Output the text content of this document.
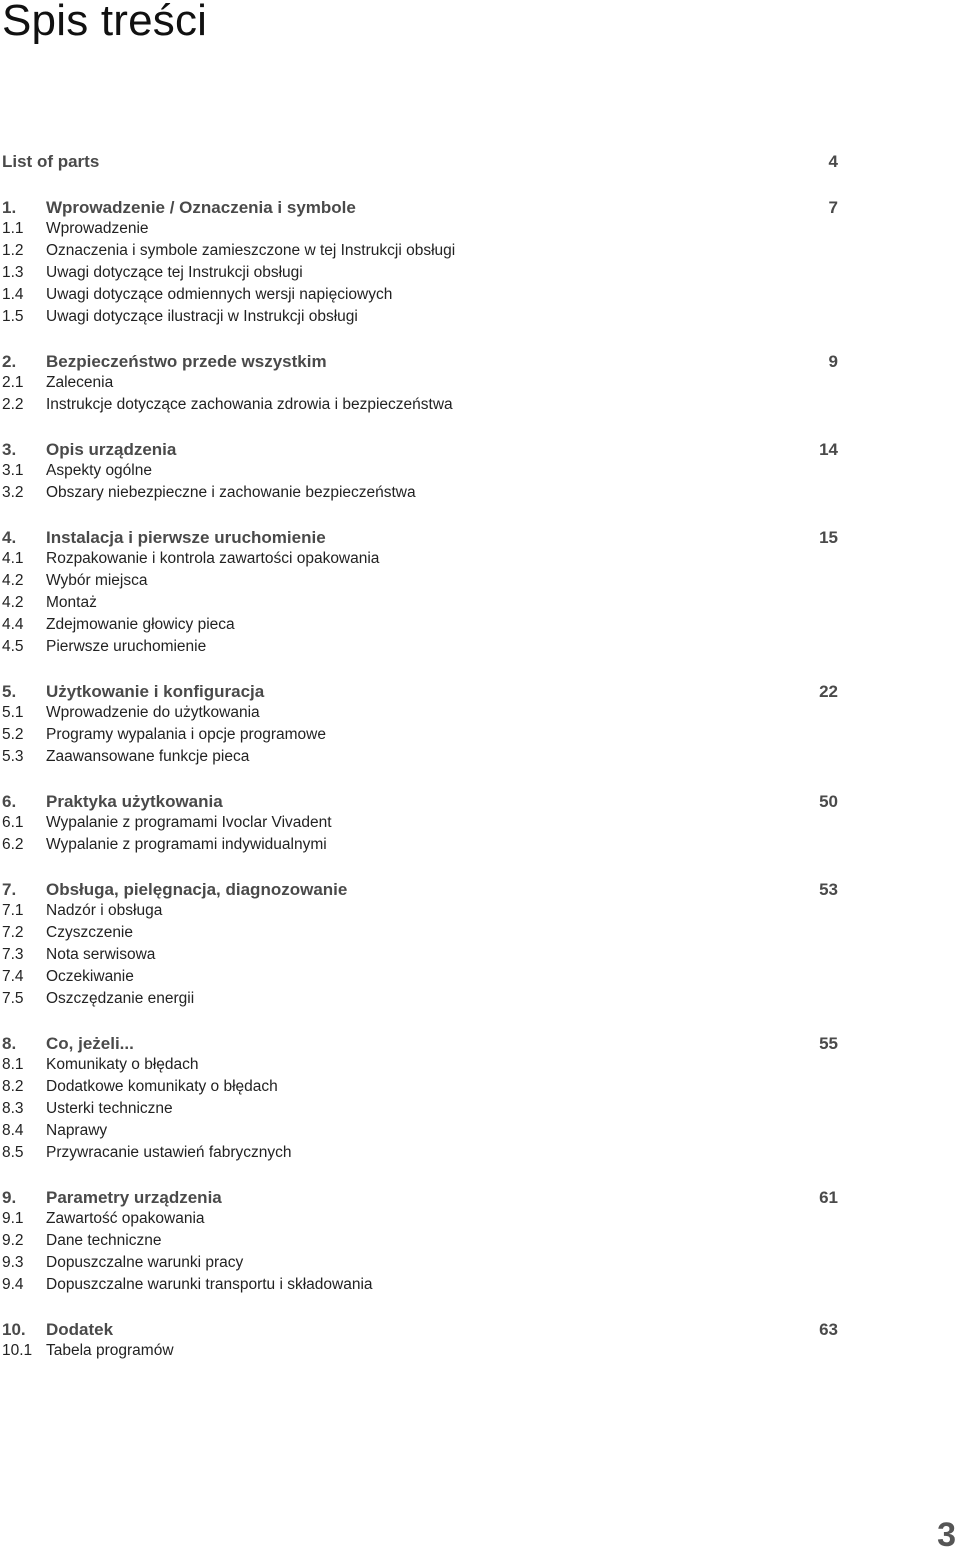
Spis treści
List of parts	4
1. Wprowadzenie / Oznaczenia i symbole	7
1.1 Wprowadzenie
1.2 Oznaczenia i symbole zamieszczone w tej Instrukcji obsługi
1.3 Uwagi dotyczące tej Instrukcji obsługi
1.4 Uwagi dotyczące odmiennych wersji napięciowych
1.5 Uwagi dotyczące ilustracji w Instrukcji obsługi
2. Bezpieczeństwo przede wszystkim	9
2.1 Zalecenia
2.2 Instrukcje dotyczące zachowania zdrowia i bezpieczeństwa
3. Opis urządzenia	14
3.1 Aspekty ogólne
3.2 Obszary niebezpieczne i zachowanie bezpieczeństwa
4. Instalacja i pierwsze uruchomienie	15
4.1 Rozpakowanie i kontrola zawartości opakowania
4.2 Wybór miejsca
4.2 Montaż
4.4 Zdejmowanie głowicy pieca
4.5 Pierwsze uruchomienie
5. Użytkowanie i konfiguracja	22
5.1 Wprowadzenie do użytkowania
5.2 Programy wypalania i opcje programowe
5.3 Zaawansowane funkcje pieca
6. Praktyka użytkowania	50
6.1 Wypalanie z programami Ivoclar Vivadent
6.2 Wypalanie z programami indywidualnymi
7. Obsługa, pielęgnacja, diagnozowanie	53
7.1 Nadzór i obsługa
7.2 Czyszczenie
7.3 Nota serwisowa
7.4 Oczekiwanie
7.5 Oszczędzanie energii
8. Co, jeżeli...	55
8.1 Komunikaty o błędach
8.2 Dodatkowe komunikaty o błędach
8.3 Usterki techniczne
8.4 Naprawy
8.5 Przywracanie ustawień fabrycznych
9. Parametry urządzenia	61
9.1 Zawartość opakowania
9.2 Dane techniczne
9.3 Dopuszczalne warunki pracy
9.4 Dopuszczalne warunki transportu i składowania
10. Dodatek	63
10.1 Tabela programów
3
